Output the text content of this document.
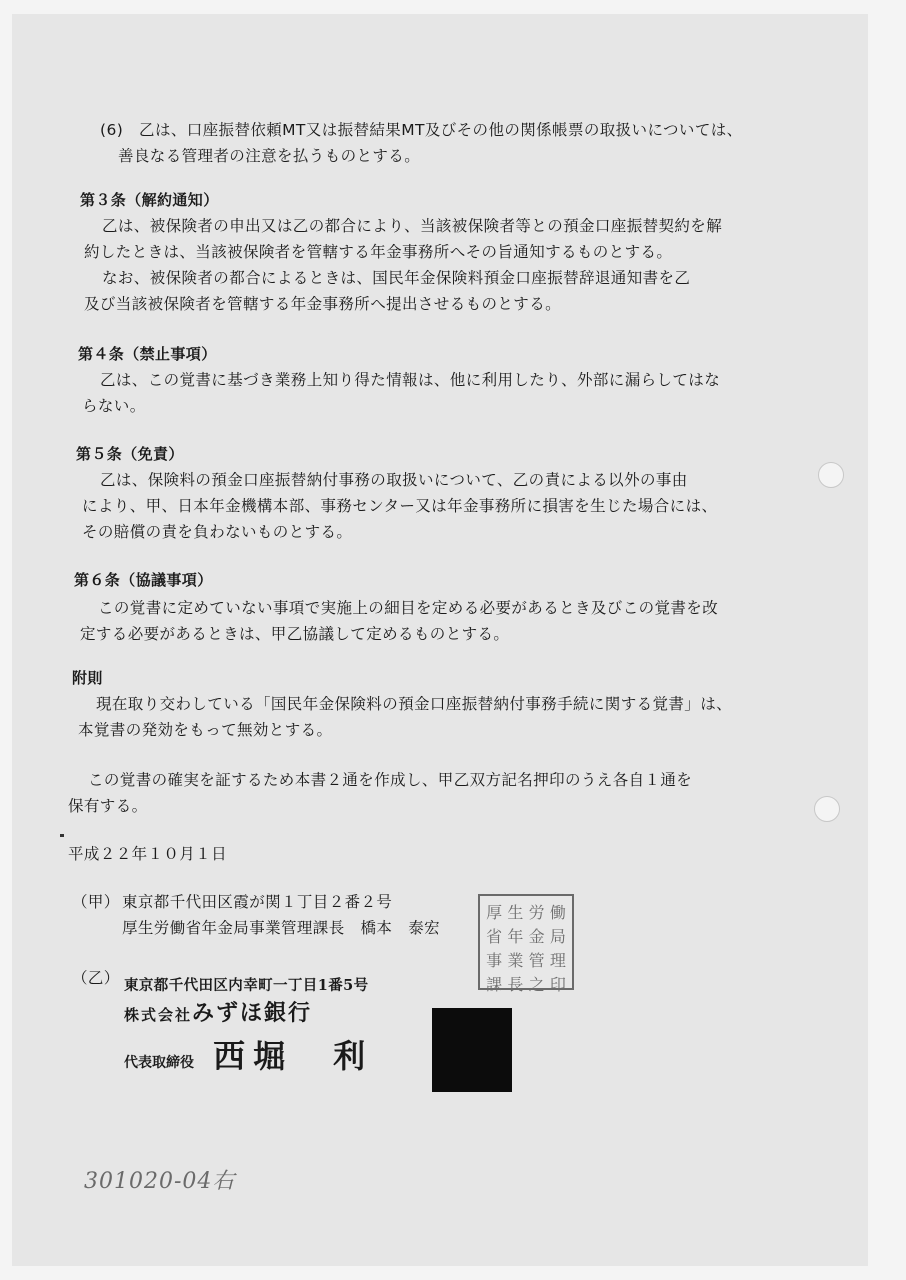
(6)　乙は、口座振替依頼MT又は振替結果MT及びその他の関係帳票の取扱いについては、
善良なる管理者の注意を払うものとする。
第３条（解約通知）
乙は、被保険者の申出又は乙の都合により、当該被保険者等との預金口座振替契約を解
約したときは、当該被保険者を管轄する年金事務所へその旨通知するものとする。
なお、被保険者の都合によるときは、国民年金保険料預金口座振替辞退通知書を乙
及び当該被保険者を管轄する年金事務所へ提出させるものとする。
第４条（禁止事項）
乙は、この覚書に基づき業務上知り得た情報は、他に利用したり、外部に漏らしてはな
らない。
第５条（免責）
乙は、保険料の預金口座振替納付事務の取扱いについて、乙の責による以外の事由
により、甲、日本年金機構本部、事務センター又は年金事務所に損害を生じた場合には、
その賠償の責を負わないものとする。
第６条（協議事項）
この覚書に定めていない事項で実施上の細目を定める必要があるとき及びこの覚書を改
定する必要があるときは、甲乙協議して定めるものとする。
附則
現在取り交わしている「国民年金保険料の預金口座振替納付事務手続に関する覚書」は、
本覚書の発効をもって無効とする。
この覚書の確実を証するため本書２通を作成し、甲乙双方記名押印のうえ各自１通を
保有する。
平成２２年１０月１日
（甲） 東京都千代田区霞が関１丁目２番２号
厚生労働省年金局事業管理課長　橋本　泰宏
厚 生 労 働
省 年 金 局
事 業 管 理
課 長 之 印
（乙） 東京都千代田区内幸町一丁目1番5号
株式会社みずほ銀行
代表取締役 西堀　利
301020-04右
